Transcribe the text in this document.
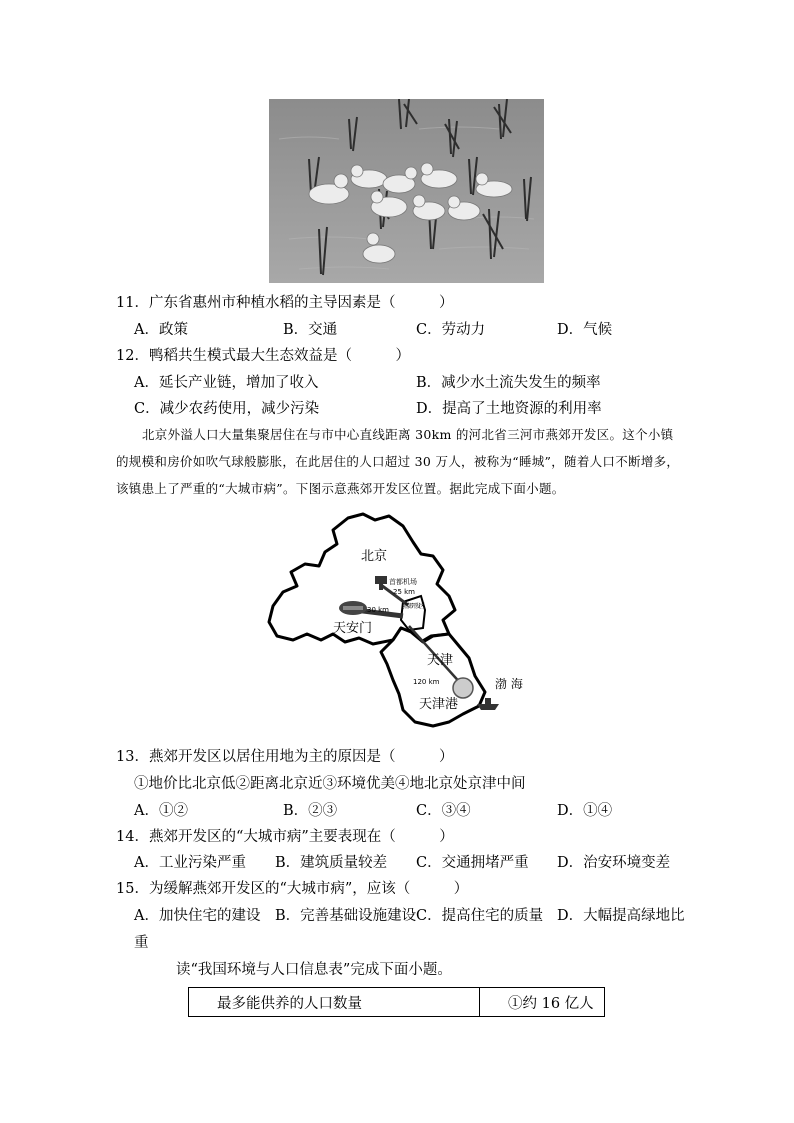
11．广东省惠州市种植水稻的主导因素是（　　　）
A．政策	B．交通	C．劳动力	D．气候
12．鸭稻共生模式最大生态效益是（　　　）
A．延长产业链，增加了收入	B．减少水土流失发生的频率
C．减少农药使用，减少污染	D．提高了土地资源的利用率
北京外溢人口大量集聚居住在与市中心直线距离 30km 的河北省三河市燕郊开发区。这个小镇的规模和房价如吹气球般膨胀，在此居住的人口超过 30 万人，被称为“睡城”，随着人口不断增多，该镇患上了严重的“大城市病”。下图示意燕郊开发区位置。据此完成下面小题。
北京
首都机场
25 km
30 km 燕郊开发区
天安门
天津
120 km	渤 海
天津港
13．燕郊开发区以居住用地为主的原因是（　　　）
①地价比北京低②距离北京近③环境优美④地北京处京津中间
A．①②	B．②③	C．③④	D．①④
14．燕郊开发区的“大城市病”主要表现在（　　　）
A．工业污染严重 B．建筑质量较差 C．交通拥堵严重 D．治安环境变差
15．为缓解燕郊开发区的“大城市病”，应该（　　　）
A．加快住宅的建设 B．完善基础设施建设 C．提高住宅的质量 D．大幅提高绿地比
重
读“我国环境与人口信息表”完成下面小题。
最多能供养的人口数量	①约 16 亿人
